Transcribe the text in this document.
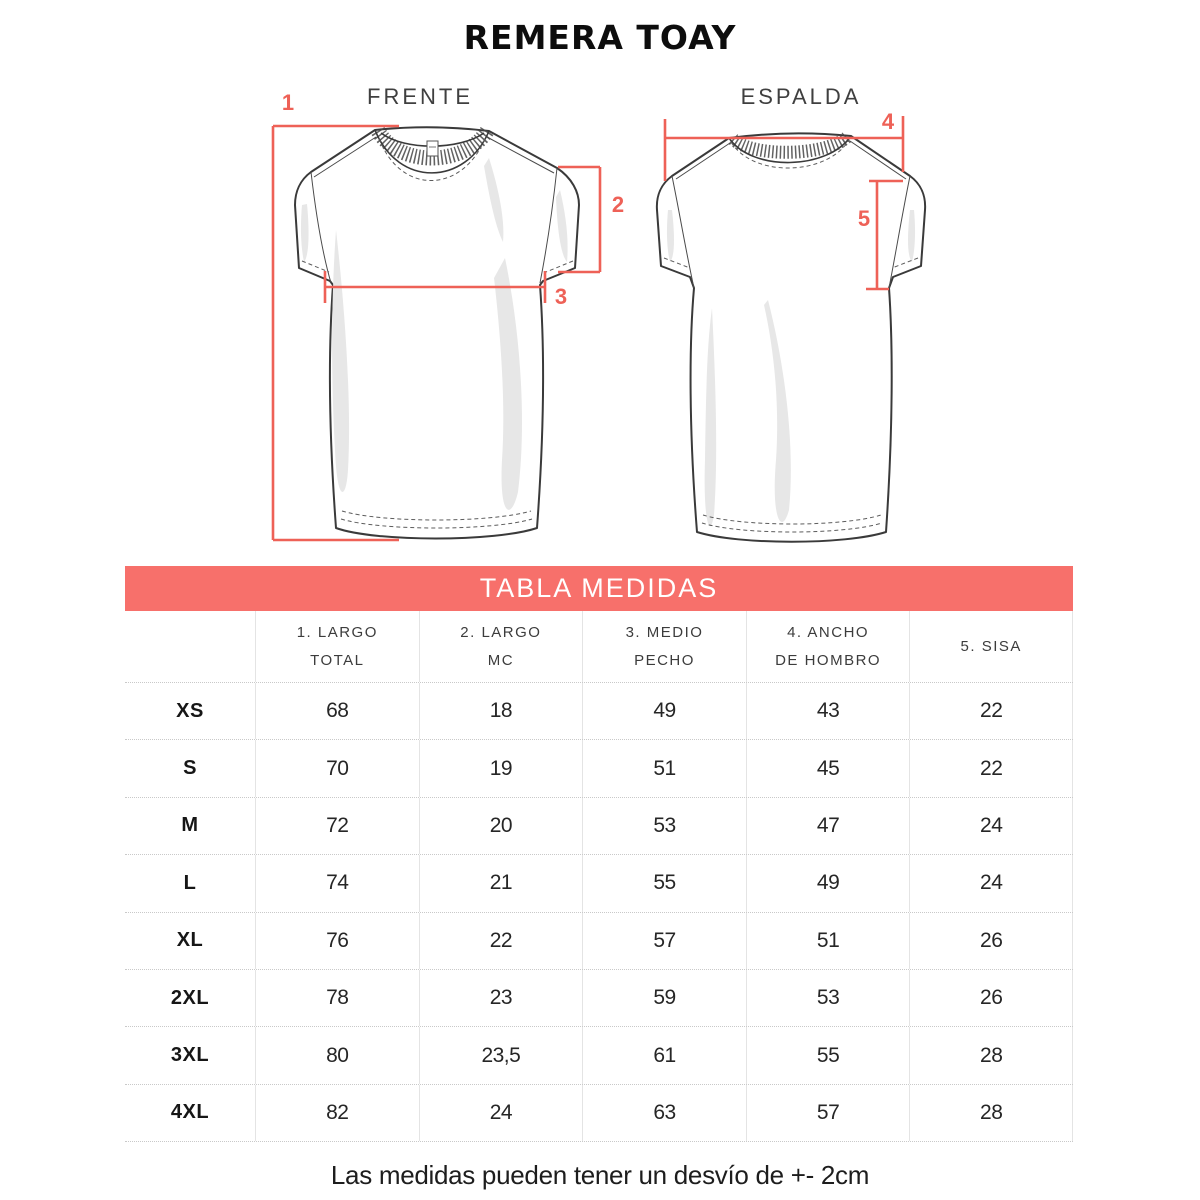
REMERA TOAY
FRENTE	ESPALDA
1
2
3
4
5
TABLA MEDIDAS
1. LARGO
TOTAL
2. LARGO
MC
3. MEDIO
PECHO
4. ANCHO
DE HOMBRO
5. SISA
XS	68	18	49	43	22
S	70	19	51	45	22
M	72	20	53	47	24
L	74	21	55	49	24
XL	76	22	57	51	26
2XL	78	23	59	53	26
3XL	80	23,5	61	55	28
4XL	82	24	63	57	28
Las medidas pueden tener un desvío de +- 2cm
